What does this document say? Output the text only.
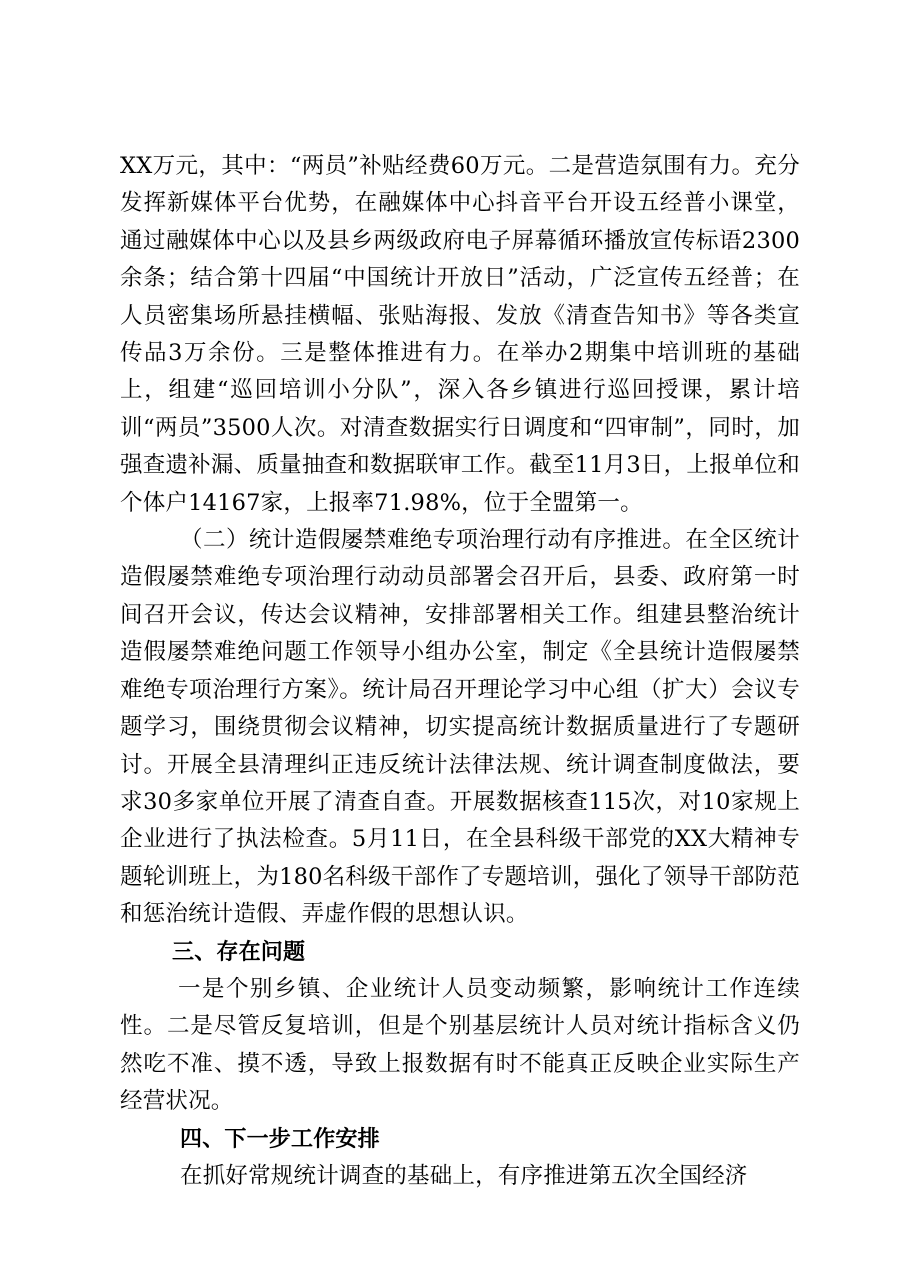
XX万元，其中：“两员”补贴经费60万元。二是营造氛围有力。充分发挥新媒体平台优势，在融媒体中心抖音平台开设五经普小课堂，通过融媒体中心以及县乡两级政府电子屏幕循环播放宣传标语2300余条；结合第十四届“中国统计开放日”活动，广泛宣传五经普；在人员密集场所悬挂横幅、张贴海报、发放《清查告知书》等各类宣传品3万余份。三是整体推进有力。在举办2期集中培训班的基础上，组建“巡回培训小分队”，深入各乡镇进行巡回授课，累计培训“两员”3500人次。对清查数据实行日调度和“四审制”，同时，加强查遗补漏、质量抽查和数据联审工作。截至11月3日，上报单位和个体户14167家，上报率71.98%，位于全盟第一。

（二）统计造假屡禁难绝专项治理行动有序推进。在全区统计造假屡禁难绝专项治理行动动员部署会召开后，县委、政府第一时间召开会议，传达会议精神，安排部署相关工作。组建县整治统计造假屡禁难绝问题工作领导小组办公室，制定《全县统计造假屡禁难绝专项治理行方案》。统计局召开理论学习中心组（扩大）会议专题学习，围绕贯彻会议精神，切实提高统计数据质量进行了专题研讨。开展全县清理纠正违反统计法律法规、统计调查制度做法，要求30多家单位开展了清查自查。开展数据核查115次，对10家规上企业进行了执法检查。5月11日，在全县科级干部党的XX大精神专题轮训班上，为180名科级干部作了专题培训，强化了领导干部防范和惩治统计造假、弄虚作假的思想认识。

三、存在问题

一是个别乡镇、企业统计人员变动频繁，影响统计工作连续性。二是尽管反复培训，但是个别基层统计人员对统计指标含义仍然吃不准、摸不透，导致上报数据有时不能真正反映企业实际生产经营状况。

四、下一步工作安排

在抓好常规统计调查的基础上，有序推进第五次全国经济
